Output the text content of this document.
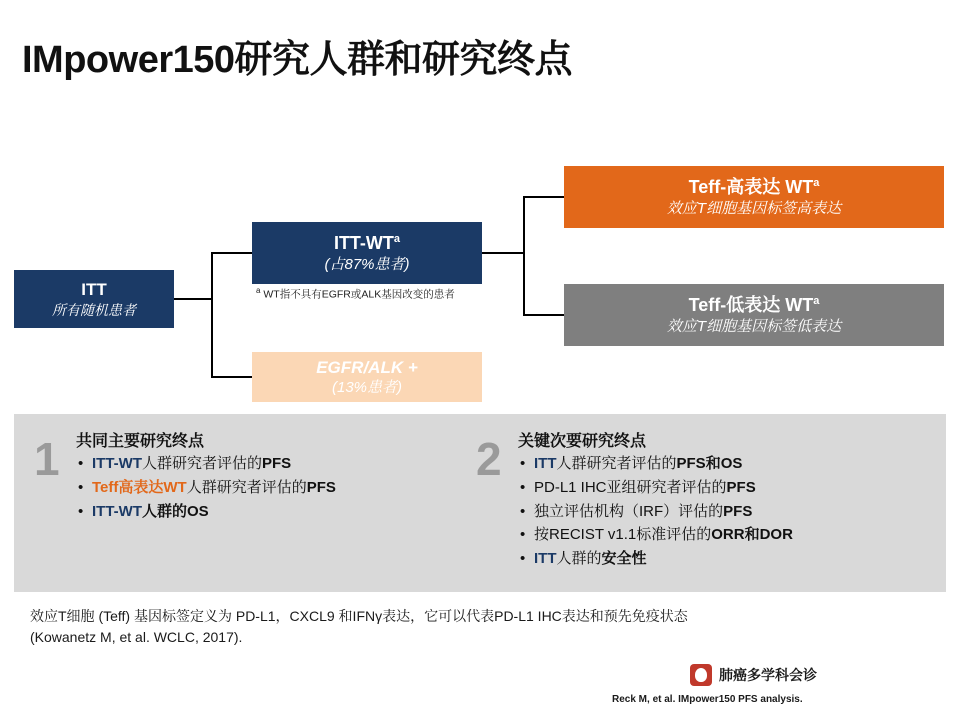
IMpower150研究人群和研究终点
ITT
所有随机患者
ITT-$WT^a$
(占87%患者)
$^a$ WT指不具有EGFR或ALK基因改变的患者
EGFR/ALK +
(13%患者)
Teff-高表达 $WT^a$
效应T细胞基因标签高表达
Teff-低表达 $WT^a$
效应T细胞基因标签低表达
1 共同主要研究终点
• ITT-WT人群研究者评估的PFS
• Teff高表达WT人群研究者评估的PFS
• ITT-WT人群的OS
2 关键次要研究终点
• ITT人群研究者评估的PFS和OS
• PD-L1 IHC亚组研究者评估的PFS
• 独立评估机构（IRF）评估的PFS
• 按RECIST v1.1标准评估的ORR和DOR
• ITT人群的安全性
效应T细胞 (Teff) 基因标签定义为 PD-L1，CXCL9 和IFNγ表达，它可以代表PD-L1 IHC表达和预先免疫状态 (Kowanetz M, et al. WCLC, 2017).
肺癌多学科会诊
Reck M, et al. IMpower150 PFS analysis.
